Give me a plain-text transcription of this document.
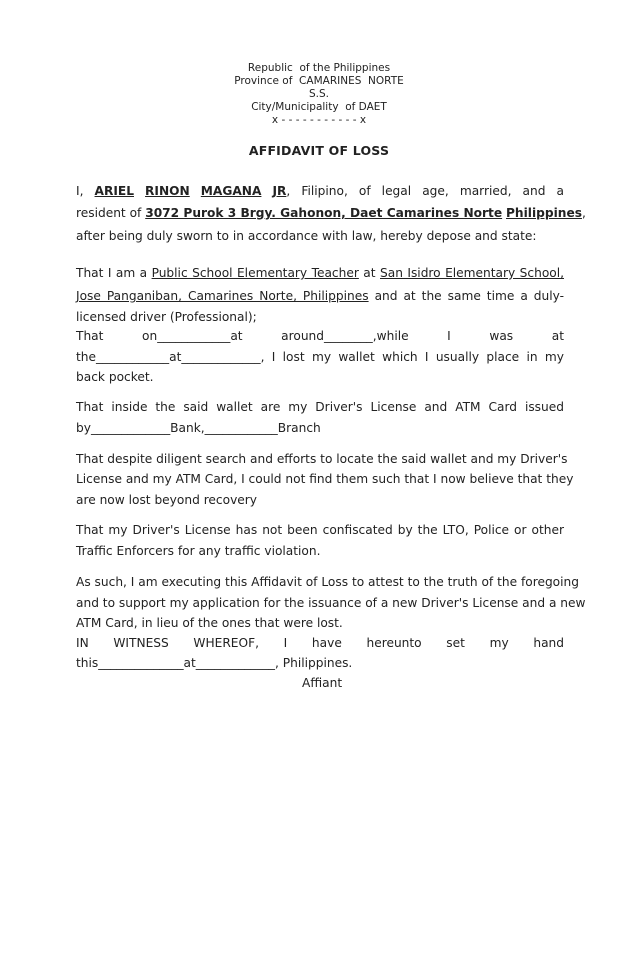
Republic  of the Philippines
Province of  CAMARINES  NORTE
S.S.
City/Municipality  of DAET
x - - - - - - - - - - - x
AFFIDAVIT OF LOSS
I, ARIEL RINON MAGANA JR, Filipino, of legal age, married, and a
resident of 3072 Purok 3 Brgy. Gahonon, Daet Camarines Norte Philippines,
after being duly sworn to in accordance with law, hereby depose and state:
That I am a Public School Elementary Teacher at San Isidro Elementary School,
Jose Panganiban, Camarines Norte, Philippines and at the same time a duly-
licensed driver (Professional);
That on____________at around________,while I was at
the____________at_____________, I lost my wallet which I usually place in my
back pocket.
That inside the said wallet are my Driver's License and ATM Card issued
by_____________Bank,____________Branch
That despite diligent search and efforts to locate the said wallet and my Driver's
License and my ATM Card, I could not find them such that I now believe that they
are now lost beyond recovery
That my Driver's License has not been confiscated by the LTO, Police or other
Traffic Enforcers for any traffic violation.
As such, I am executing this Affidavit of Loss to attest to the truth of the foregoing
and to support my application for the issuance of a new Driver's License and a new
ATM Card, in lieu of the ones that were lost.
IN WITNESS WHEREOF, I have hereunto set my hand
this______________at_____________, Philippines.
Affiant
